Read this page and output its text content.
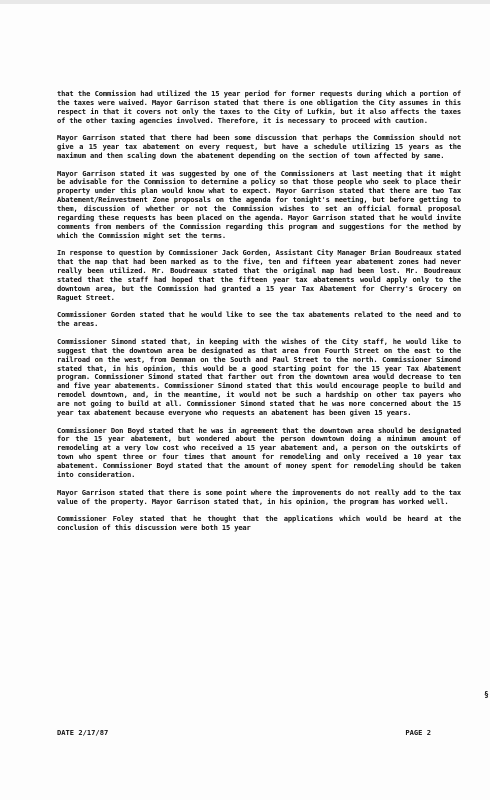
that the Commission had utilized the 15 year period for former requests during which a portion of the taxes were waived. Mayor Garrison stated that there is one obligation the City assumes in this respect in that it covers not only the taxes to the City of Lufkin, but it also affects the taxes of the other taxing agencies involved. Therefore, it is necessary to proceed with caution.

Mayor Garrison stated that there had been some discussion that perhaps the Commission should not give a 15 year tax abatement on every request, but have a schedule utilizing 15 years as the maximum and then scaling down the abatement depending on the section of town affected by same.

Mayor Garrison stated it was suggested by one of the Commissioners at last meeting that it might be advisable for the Commission to determine a policy so that those people who seek to place their property under this plan would know what to expect. Mayor Garrison stated that there are two Tax Abatement/Reinvestment Zone proposals on the agenda for tonight's meeting, but before getting to them, discussion of whether or not the Commission wishes to set an official formal proposal regarding these requests has been placed on the agenda. Mayor Garrison stated that he would invite comments from members of the Commission regarding this program and suggestions for the method by which the Commission might set the terms.

In response to question by Commissioner Jack Gorden, Assistant City Manager Brian Boudreaux stated that the map that had been marked as to the five, ten and fifteen year abatement zones had never really been utilized. Mr. Boudreaux stated that the original map had been lost. Mr. Boudreaux stated that the staff had hoped that the fifteen year tax abatements would apply only to the downtown area, but the Commission had granted a 15 year Tax Abatement for Cherry's Grocery on Raguet Street.

Commissioner Gorden stated that he would like to see the tax abatements related to the need and to the areas.

Commissioner Simond stated that, in keeping with the wishes of the City staff, he would like to suggest that the downtown area be designated as that area from Fourth Street on the east to the railroad on the west, from Denman on the South and Paul Street to the north. Commissioner Simond stated that, in his opinion, this would be a good starting point for the 15 year Tax Abatement program. Commissioner Simond stated that farther out from the downtown area would decrease to ten and five year abatements. Commissioner Simond stated that this would encourage people to build and remodel downtown, and, in the meantime, it would not be such a hardship on other tax payers who are not going to build at all. Commissioner Simond stated that he was more concerned about the 15 year tax abatement because everyone who requests an abatement has been given 15 years.

Commissioner Don Boyd stated that he was in agreement that the downtown area should be designated for the 15 year abatement, but wondered about the person downtown doing a minimum amount of remodeling at a very low cost who received a 15 year abatement and, a person on the outskirts of town who spent three or four times that amount for remodeling and only received a 10 year tax abatement. Commissioner Boyd stated that the amount of money spent for remodeling should be taken into consideration.

Mayor Garrison stated that there is some point where the improvements do not really add to the tax value of the property. Mayor Garrison stated that, in his opinion, the program has worked well.

Commissioner Foley stated that he thought that the applications which would be heard at the conclusion of this discussion were both 15 year

§
DATE 2/17/87	PAGE 2
